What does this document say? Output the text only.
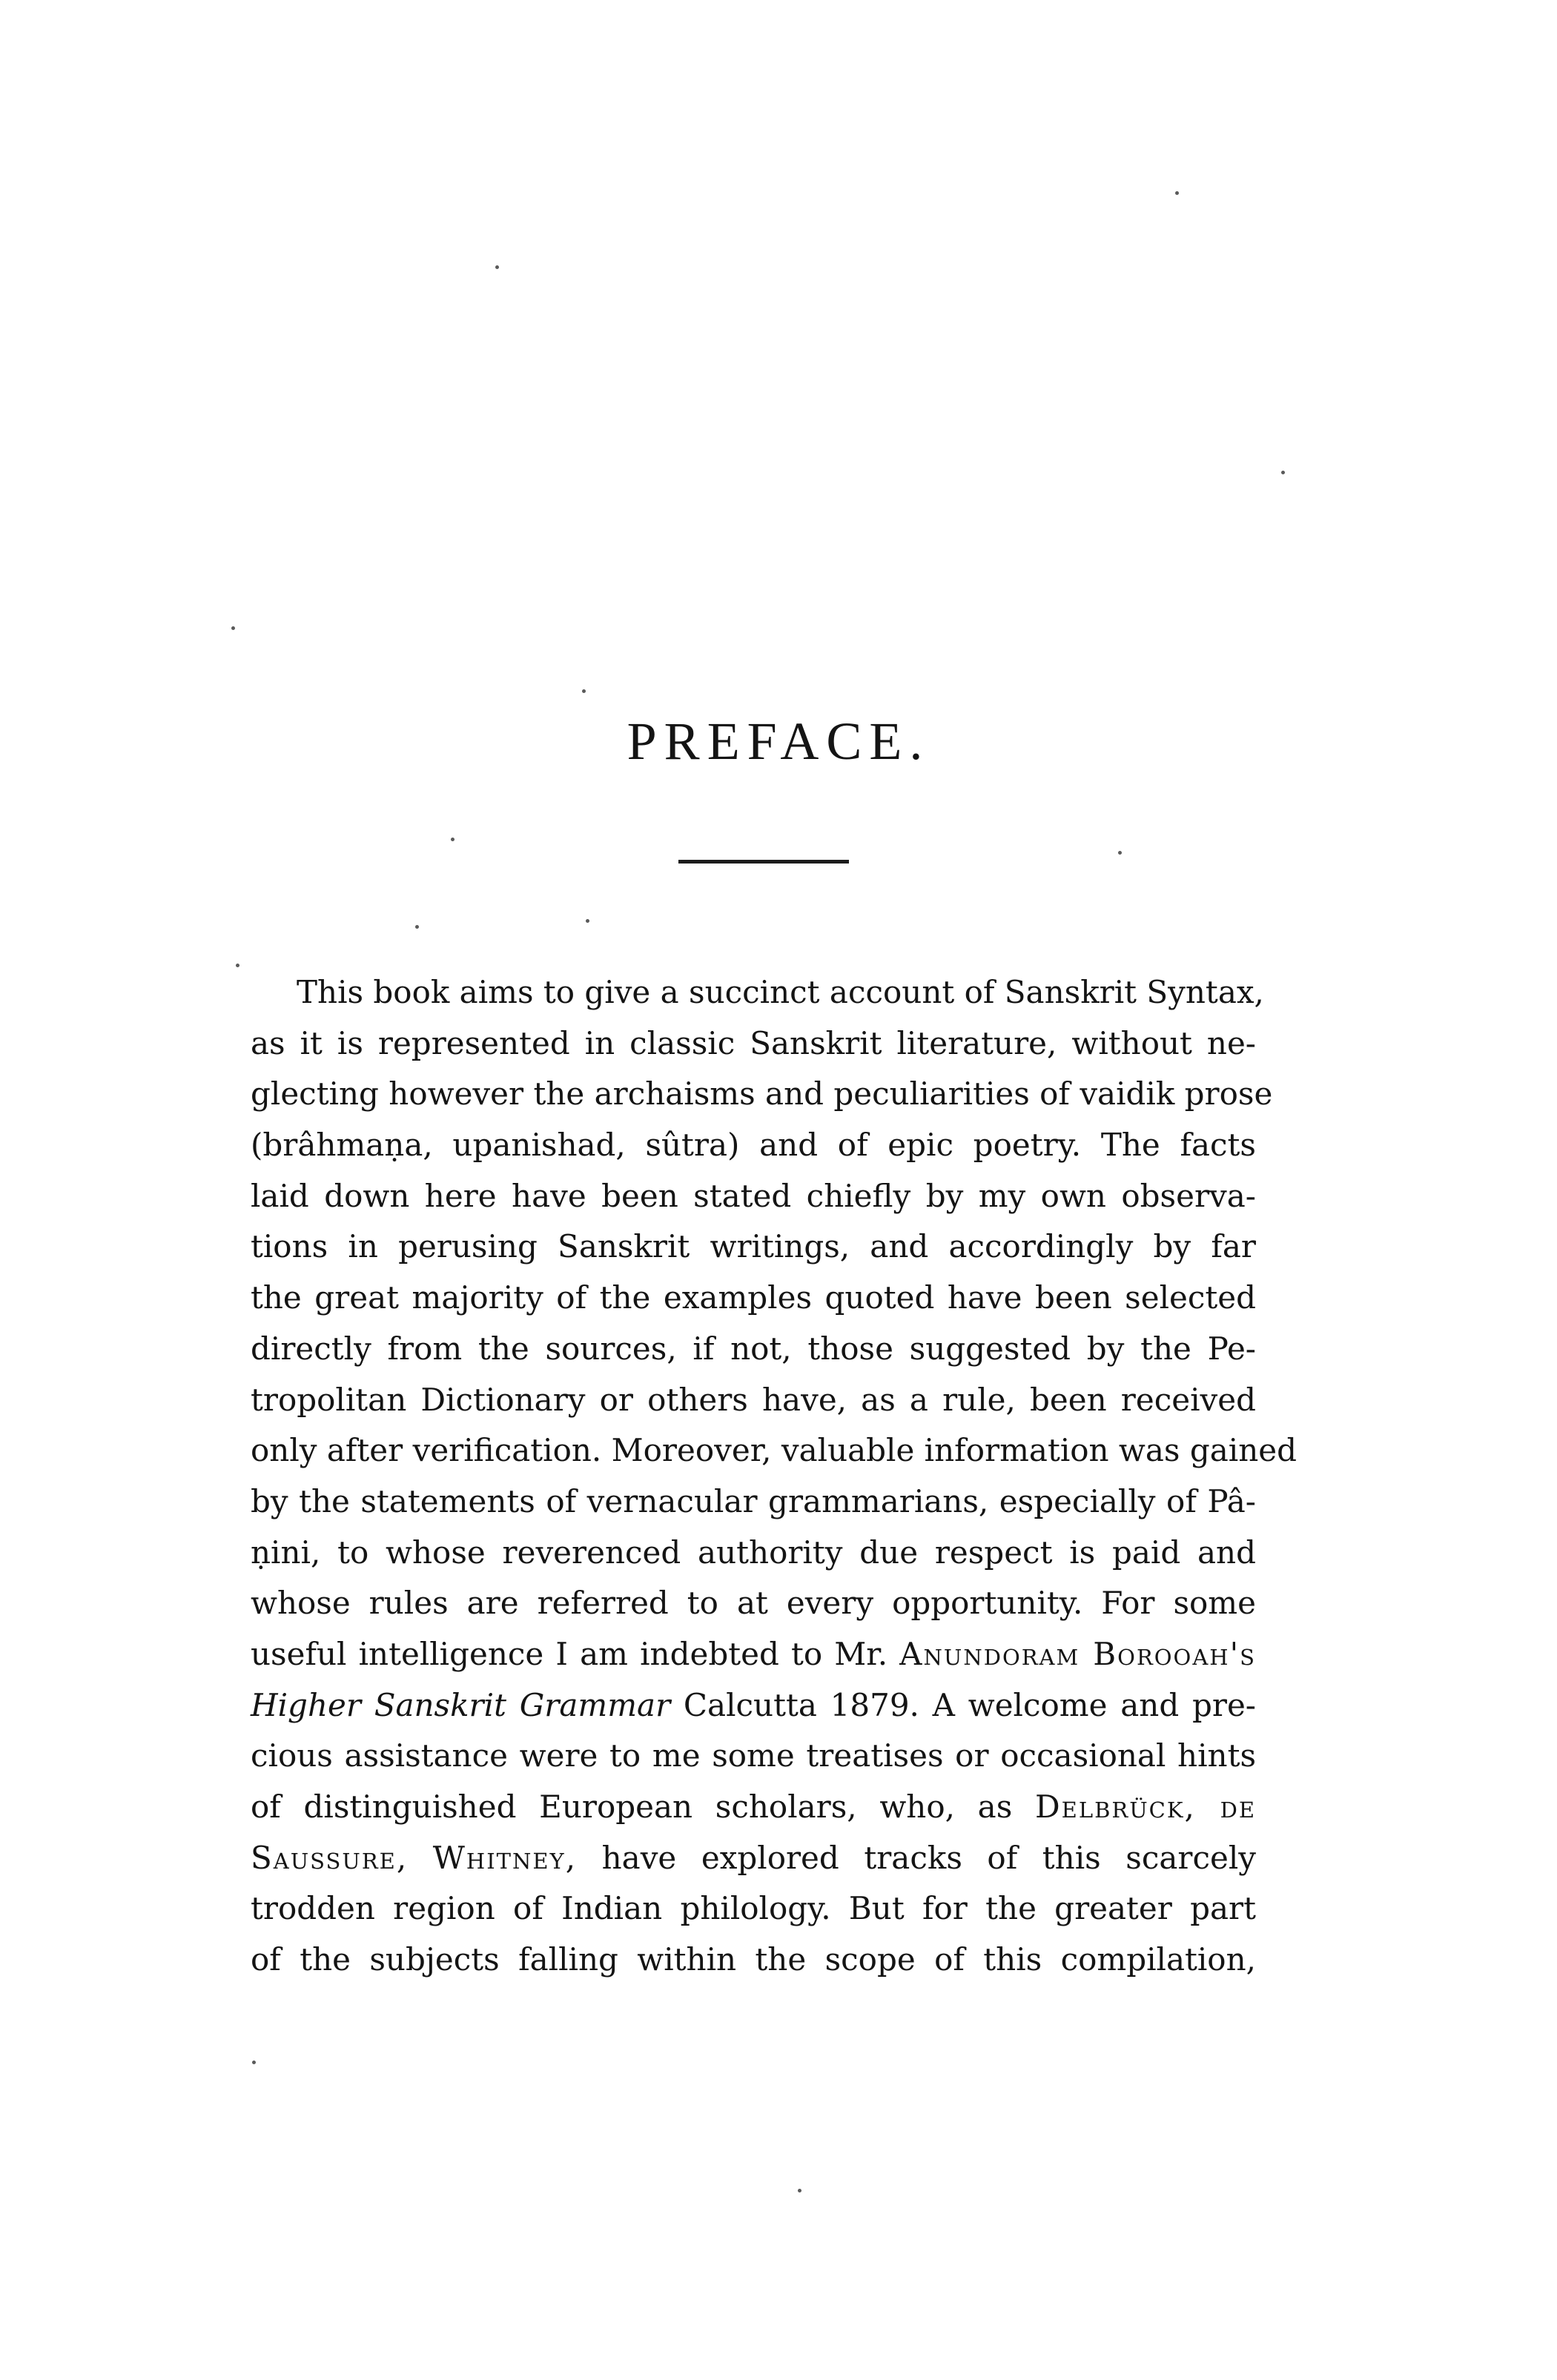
PREFACE.
This book aims to give a succinct account of Sanskrit Syntax,
as it is represented in classic Sanskrit literature, without ne-
glecting however the archaisms and peculiarities of vaidik prose
(brâhmaṇa, upanishad, sûtra) and of epic poetry. The facts
laid down here have been stated chiefly by my own observa-
tions in perusing Sanskrit writings, and accordingly by far
the great majority of the examples quoted have been selected
directly from the sources, if not, those suggested by the Pe-
tropolitan Dictionary or others have, as a rule, been received
only after verification. Moreover, valuable information was gained
by the statements of vernacular grammarians, especially of Pâ-
ṇini, to whose reverenced authority due respect is paid and
whose rules are referred to at every opportunity. For some
useful intelligence I am indebted to Mr. Anundoram Borooah's
Higher Sanskrit Grammar Calcutta 1879. A welcome and pre-
cious assistance were to me some treatises or occasional hints
of distinguished European scholars, who, as Delbrück, de
Saussure, Whitney, have explored tracks of this scarcely
trodden region of Indian philology. But for the greater part
of the subjects falling within the scope of this compilation,
